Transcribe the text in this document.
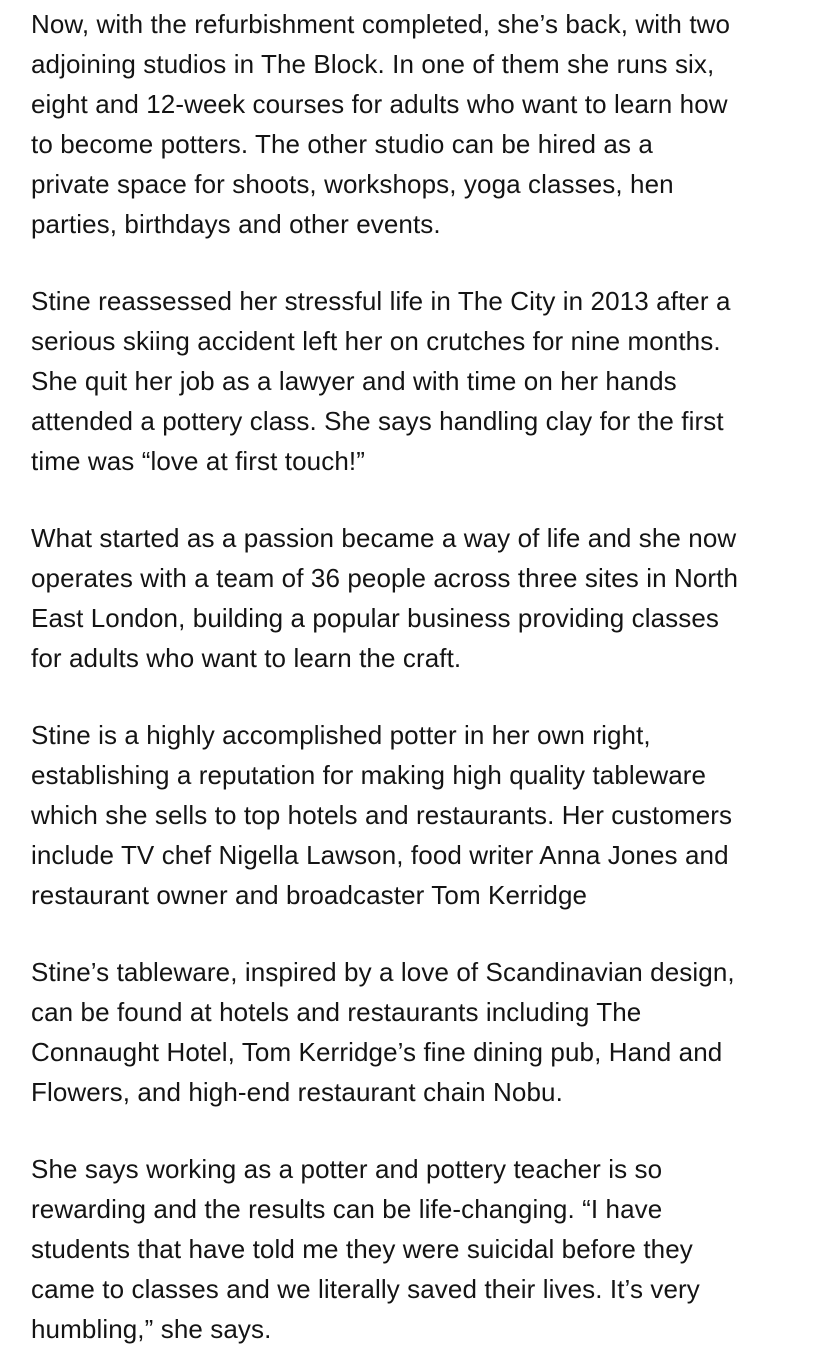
Now, with the refurbishment completed, she’s back, with two
adjoining studios in The Block. In one of them she runs six,
eight and 12-week courses for adults who want to learn how
to become potters. The other studio can be hired as a
private space for shoots, workshops, yoga classes, hen
parties, birthdays and other events.

Stine reassessed her stressful life in The City in 2013 after a
serious skiing accident left her on crutches for nine months.
She quit her job as a lawyer and with time on her hands
attended a pottery class. She says handling clay for the first
time was “love at first touch!”

What started as a passion became a way of life and she now
operates with a team of 36 people across three sites in North
East London, building a popular business providing classes
for adults who want to learn the craft.

Stine is a highly accomplished potter in her own right,
establishing a reputation for making high quality tableware
which she sells to top hotels and restaurants. Her customers
include TV chef Nigella Lawson, food writer Anna Jones and
restaurant owner and broadcaster Tom Kerridge

Stine’s tableware, inspired by a love of Scandinavian design,
can be found at hotels and restaurants including The
Connaught Hotel, Tom Kerridge’s fine dining pub, Hand and
Flowers, and high-end restaurant chain Nobu.

She says working as a potter and pottery teacher is so
rewarding and the results can be life-changing. “I have
students that have told me they were suicidal before they
came to classes and we literally saved their lives. It’s very
humbling,” she says.
